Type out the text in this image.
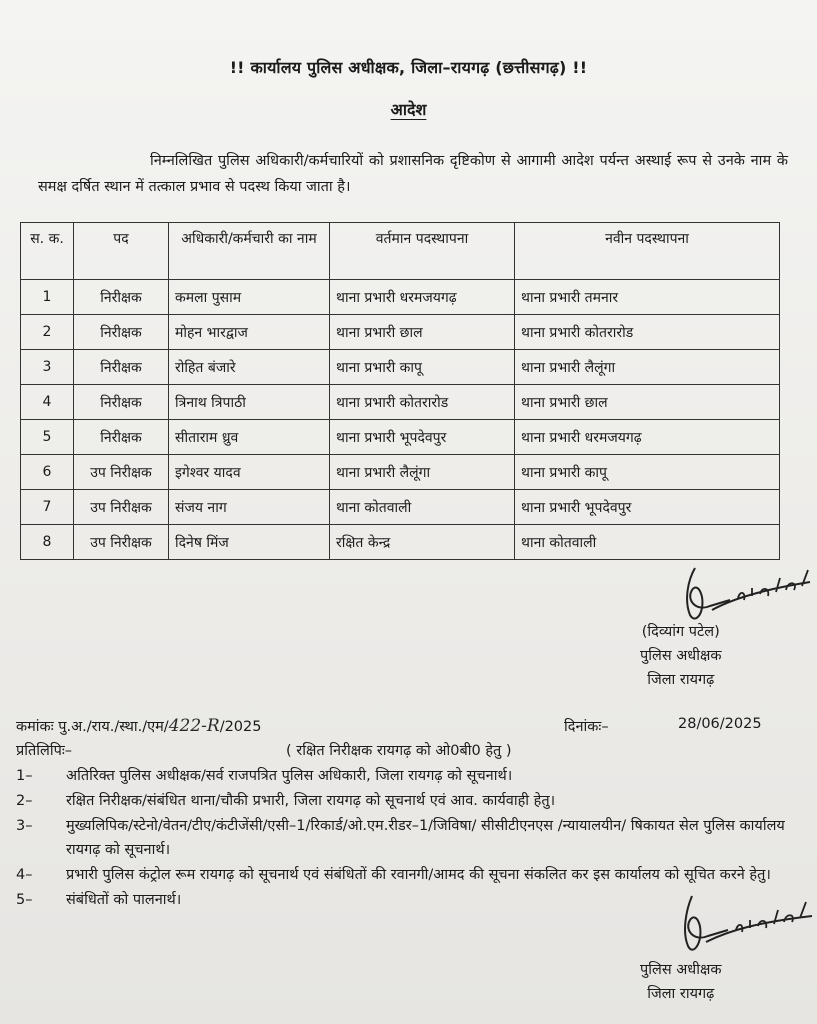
!! कार्यालय पुलिस अधीक्षक, जिला–रायगढ़ (छत्तीसगढ़) !!
आदेश
निम्नलिखित पुलिस अधिकारी/कर्मचारियों को प्रशासनिक दृष्टिकोण से आगामी आदेश पर्यन्त अस्थाई रूप से उनके नाम के समक्ष दर्षित स्थान में तत्काल प्रभाव से पदस्थ किया जाता है।
स. क.	पद	अधिकारी/कर्मचारी का नाम	वर्तमान पदस्थापना	नवीन पदस्थापना
1	निरीक्षक	कमला पुसाम	थाना प्रभारी धरमजयगढ़	थाना प्रभारी तमनार
2	निरीक्षक	मोहन भारद्वाज	थाना प्रभारी छाल	थाना प्रभारी कोतरारोड
3	निरीक्षक	रोहित बंजारे	थाना प्रभारी कापू	थाना प्रभारी लैलूंगा
4	निरीक्षक	त्रिनाथ त्रिपाठी	थाना प्रभारी कोतरारोड	थाना प्रभारी छाल
5	निरीक्षक	सीताराम ध्रुव	थाना प्रभारी भूपदेवपुर	थाना प्रभारी धरमजयगढ़
6	उप निरीक्षक	इगेश्वर यादव	थाना प्रभारी लैलूंगा	थाना प्रभारी कापू
7	उप निरीक्षक	संजय नाग	थाना कोतवाली	थाना प्रभारी भूपदेवपुर
8	उप निरीक्षक	दिनेष मिंज	रक्षित केन्द्र	थाना कोतवाली
(दिव्यांग पटेल)
पुलिस अधीक्षक
जिला रायगढ़
कमांकः पु.अ./राय./स्था./एम/422-R/2025	दिनांकः–	28/06/2025
प्रतिलिपिः–	( रक्षित निरीक्षक रायगढ़ को ओ0बी0 हेतु )
1– अतिरिक्त पुलिस अधीक्षक/सर्व राजपत्रित पुलिस अधिकारी, जिला रायगढ़ को सूचनार्थ।
2– रक्षित निरीक्षक/संबंधित थाना/चौकी प्रभारी, जिला रायगढ़ को सूचनार्थ एवं आव. कार्यवाही हेतु।
3– मुख्यलिपिक/स्टेनो/वेतन/टीए/कंटीजेंसी/एसी–1/रिकार्ड/ओ.एम.रीडर–1/जिविषा/ सीसीटीएनएस /न्यायालयीन/ षिकायत सेल पुलिस कार्यालय रायगढ़ को सूचनार्थ।
4– प्रभारी पुलिस कंट्रोल रूम रायगढ़ को सूचनार्थ एवं संबंधितों की रवानगी/आमद की सूचना संकलित कर इस कार्यालय को सूचित करने हेतु।
5– संबंधितों को पालनार्थ।
पुलिस अधीक्षक
जिला रायगढ़
